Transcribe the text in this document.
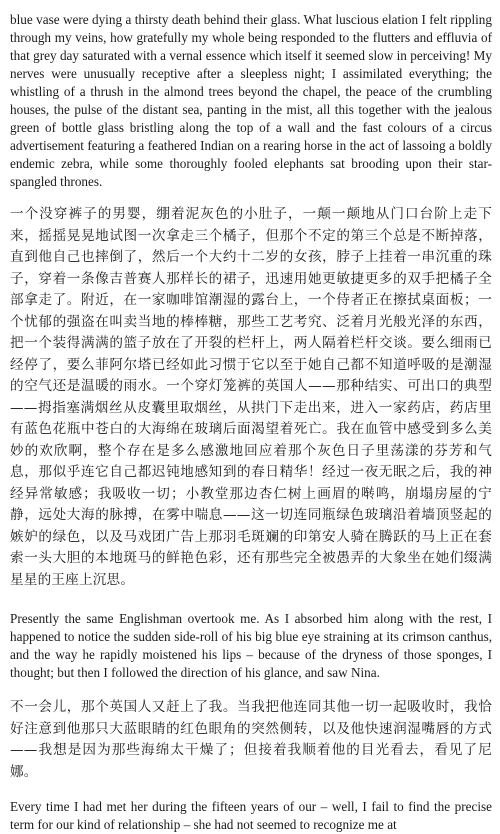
blue vase were dying a thirsty death behind their glass. What luscious elation I felt rippling through my veins, how gratefully my whole being responded to the flutters and effluvia of that grey day saturated with a vernal essence which itself it seemed slow in perceiving! My nerves were unusually receptive after a sleepless night; I assimilated everything; the whistling of a thrush in the almond trees beyond the chapel, the peace of the crumbling houses, the pulse of the distant sea, panting in the mist, all this together with the jealous green of bottle glass bristling along the top of a wall and the fast colours of a circus advertisement featuring a feathered Indian on a rearing horse in the act of lassoing a boldly endemic zebra, while some thoroughly fooled elephants sat brooding upon their star-spangled thrones.

一个没穿裤子的男婴，绷着泥灰色的小肚子，一颠一颠地从门口台阶上走下来，摇摇晃晃地试图一次拿走三个橘子，但那个不定的第三个总是不断掉落，直到他自己也摔倒了，然后一个大约十二岁的女孩，脖子上挂着一串沉重的珠子，穿着一条像吉普赛人那样长的裙子，迅速用她更敏捷更多的双手把橘子全部拿走了。附近，在一家咖啡馆潮湿的露台上，一个侍者正在擦拭桌面板；一个忧郁的强盗在叫卖当地的棒棒糖，那些工艺考究、泛着月光般光泽的东西，把一个装得满满的篮子放在了开裂的栏杆上，两人隔着栏杆交谈。要么细雨已经停了，要么菲阿尔塔已经如此习惯于它以至于她自己都不知道呼吸的是潮湿的空气还是温暖的雨水。一个穿灯笼裤的英国人——那种结实、可出口的典型——拇指塞满烟丝从皮囊里取烟丝，从拱门下走出来，进入一家药店，药店里有蓝色花瓶中苍白的大海绵在玻璃后面渴望着死亡。我在血管中感受到多么美妙的欢欣啊，整个存在是多么感激地回应着那个灰色日子里荡漾的芬芳和气息，那似乎连它自己都迟钝地感知到的春日精华！经过一夜无眠之后，我的神经异常敏感；我吸收一切；小教堂那边杏仁树上画眉的啭鸣，崩塌房屋的宁静，远处大海的脉搏，在雾中喘息——这一切连同瓶绿色玻璃沿着墙顶竖起的嫉妒的绿色，以及马戏团广告上那羽毛斑斓的印第安人骑在腾跃的马上正在套索一头大胆的本地斑马的鲜艳色彩，还有那些完全被愚弄的大象坐在她们缀满星星的王座上沉思。

Presently the same Englishman overtook me. As I absorbed him along with the rest, I happened to notice the sudden side-roll of his big blue eye straining at its crimson canthus, and the way he rapidly moistened his lips – because of the dryness of those sponges, I thought; but then I followed the direction of his glance, and saw Nina.

不一会儿，那个英国人又赶上了我。当我把他连同其他一切一起吸收时，我恰好注意到他那只大蓝眼睛的红色眼角的突然侧转，以及他快速润湿嘴唇的方式——我想是因为那些海绵太干燥了；但接着我顺着他的目光看去，看见了尼娜。

Every time I had met her during the fifteen years of our – well, I fail to find the precise term for our kind of relationship – she had not seemed to recognize me at
